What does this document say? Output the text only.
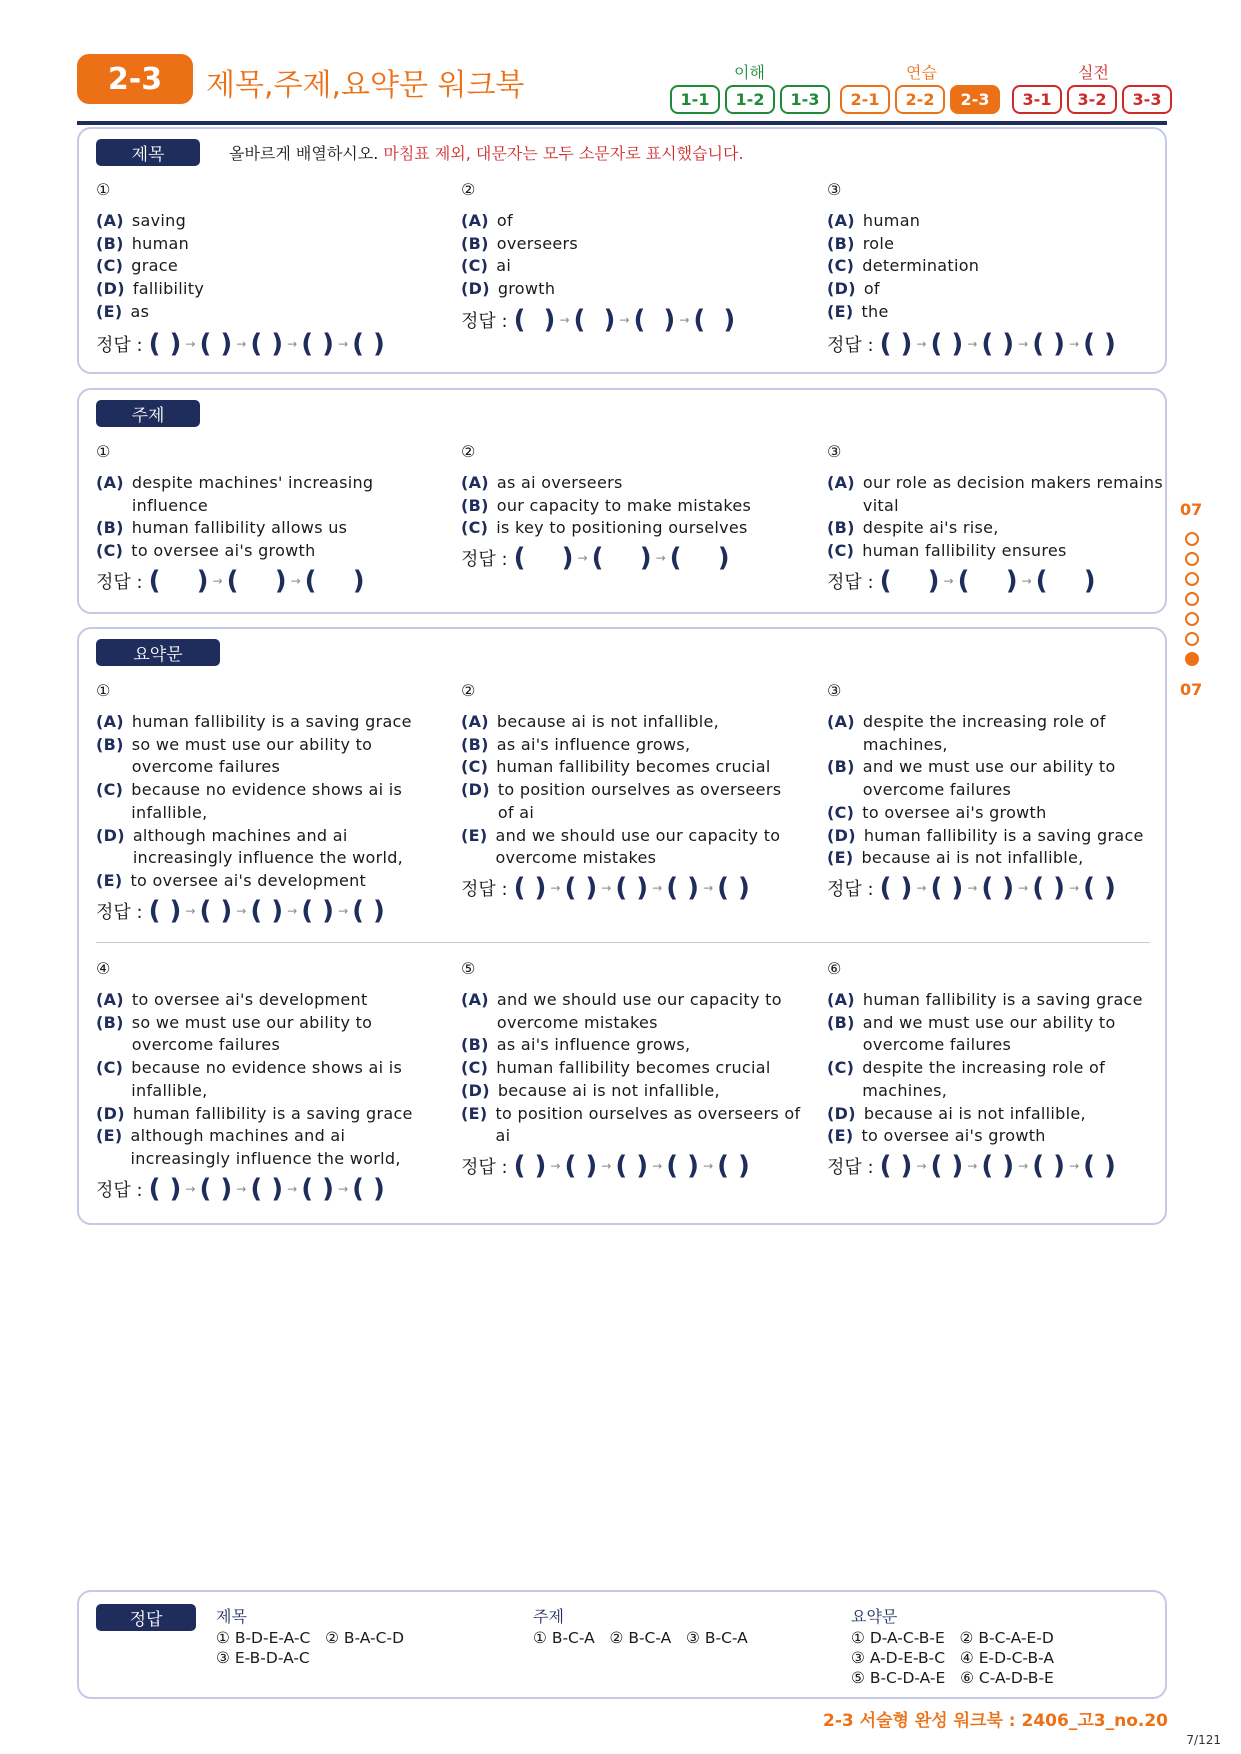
2-3	제목,주제,요약문 워크북	이해	연습	실전
1-1	1-2	1-3	2-1	2-2	2-3	3-1	3-2	3-3
제목	올바르게 배열하시오. 마침표 제외, 대문자는 모두 소문자로 표시했습니다.
①
(A) saving
(B) human
(C) grace
(D) fallibility
(E) as
정답 : ( ) → ( ) → ( ) → ( ) → ( )
②
(A) of
(B) overseers
(C) ai
(D) growth
정답 : (  ) → (  ) → (  ) → (  )
③
(A) human
(B) role
(C) determination
(D) of
(E) the
정답 : ( ) → ( ) → ( ) → ( ) → ( )
주제
①
(A) despite machines' increasing influence
(B) human fallibility allows us
(C) to oversee ai's growth
정답 : (    ) → (    ) → (    )
②
(A) as ai overseers
(B) our capacity to make mistakes
(C) is key to positioning ourselves
정답 : (    ) → (    ) → (    )
③
(A) our role as decision makers remains vital
(B) despite ai's rise,
(C) human fallibility ensures
정답 : (    ) → (    ) → (    )
요약문
①
(A) human fallibility is a saving grace
(B) so we must use our ability to overcome failures
(C) because no evidence shows ai is infallible,
(D) although machines and ai increasingly influence the world,
(E) to oversee ai's development
정답 : ( ) → ( ) → ( ) → ( ) → ( )
②
(A) because ai is not infallible,
(B) as ai's influence grows,
(C) human fallibility becomes crucial
(D) to position ourselves as overseers of ai
(E) and we should use our capacity to overcome mistakes
정답 : ( ) → ( ) → ( ) → ( ) → ( )
③
(A) despite the increasing role of machines,
(B) and we must use our ability to overcome failures
(C) to oversee ai's growth
(D) human fallibility is a saving grace
(E) because ai is not infallible,
정답 : ( ) → ( ) → ( ) → ( ) → ( )
④
(A) to oversee ai's development
(B) so we must use our ability to overcome failures
(C) because no evidence shows ai is infallible,
(D) human fallibility is a saving grace
(E) although machines and ai increasingly influence the world,
정답 : ( ) → ( ) → ( ) → ( ) → ( )
⑤
(A) and we should use our capacity to overcome mistakes
(B) as ai's influence grows,
(C) human fallibility becomes crucial
(D) because ai is not infallible,
(E) to position ourselves as overseers of ai
정답 : ( ) → ( ) → ( ) → ( ) → ( )
⑥
(A) human fallibility is a saving grace
(B) and we must use our ability to overcome failures
(C) despite the increasing role of machines,
(D) because ai is not infallible,
(E) to oversee ai's growth
정답 : ( ) → ( ) → ( ) → ( ) → ( )
07
07
정답	제목
① B-D-E-A-C   ② B-A-C-D
③ E-B-D-A-C
주제
① B-C-A   ② B-C-A   ③ B-C-A
요약문
① D-A-C-B-E   ② B-C-A-E-D
③ A-D-E-B-C   ④ E-D-C-B-A
⑤ B-C-D-A-E   ⑥ C-A-D-B-E
2-3 서술형 완성 워크북 : 2406_고3_no.20
7/121
